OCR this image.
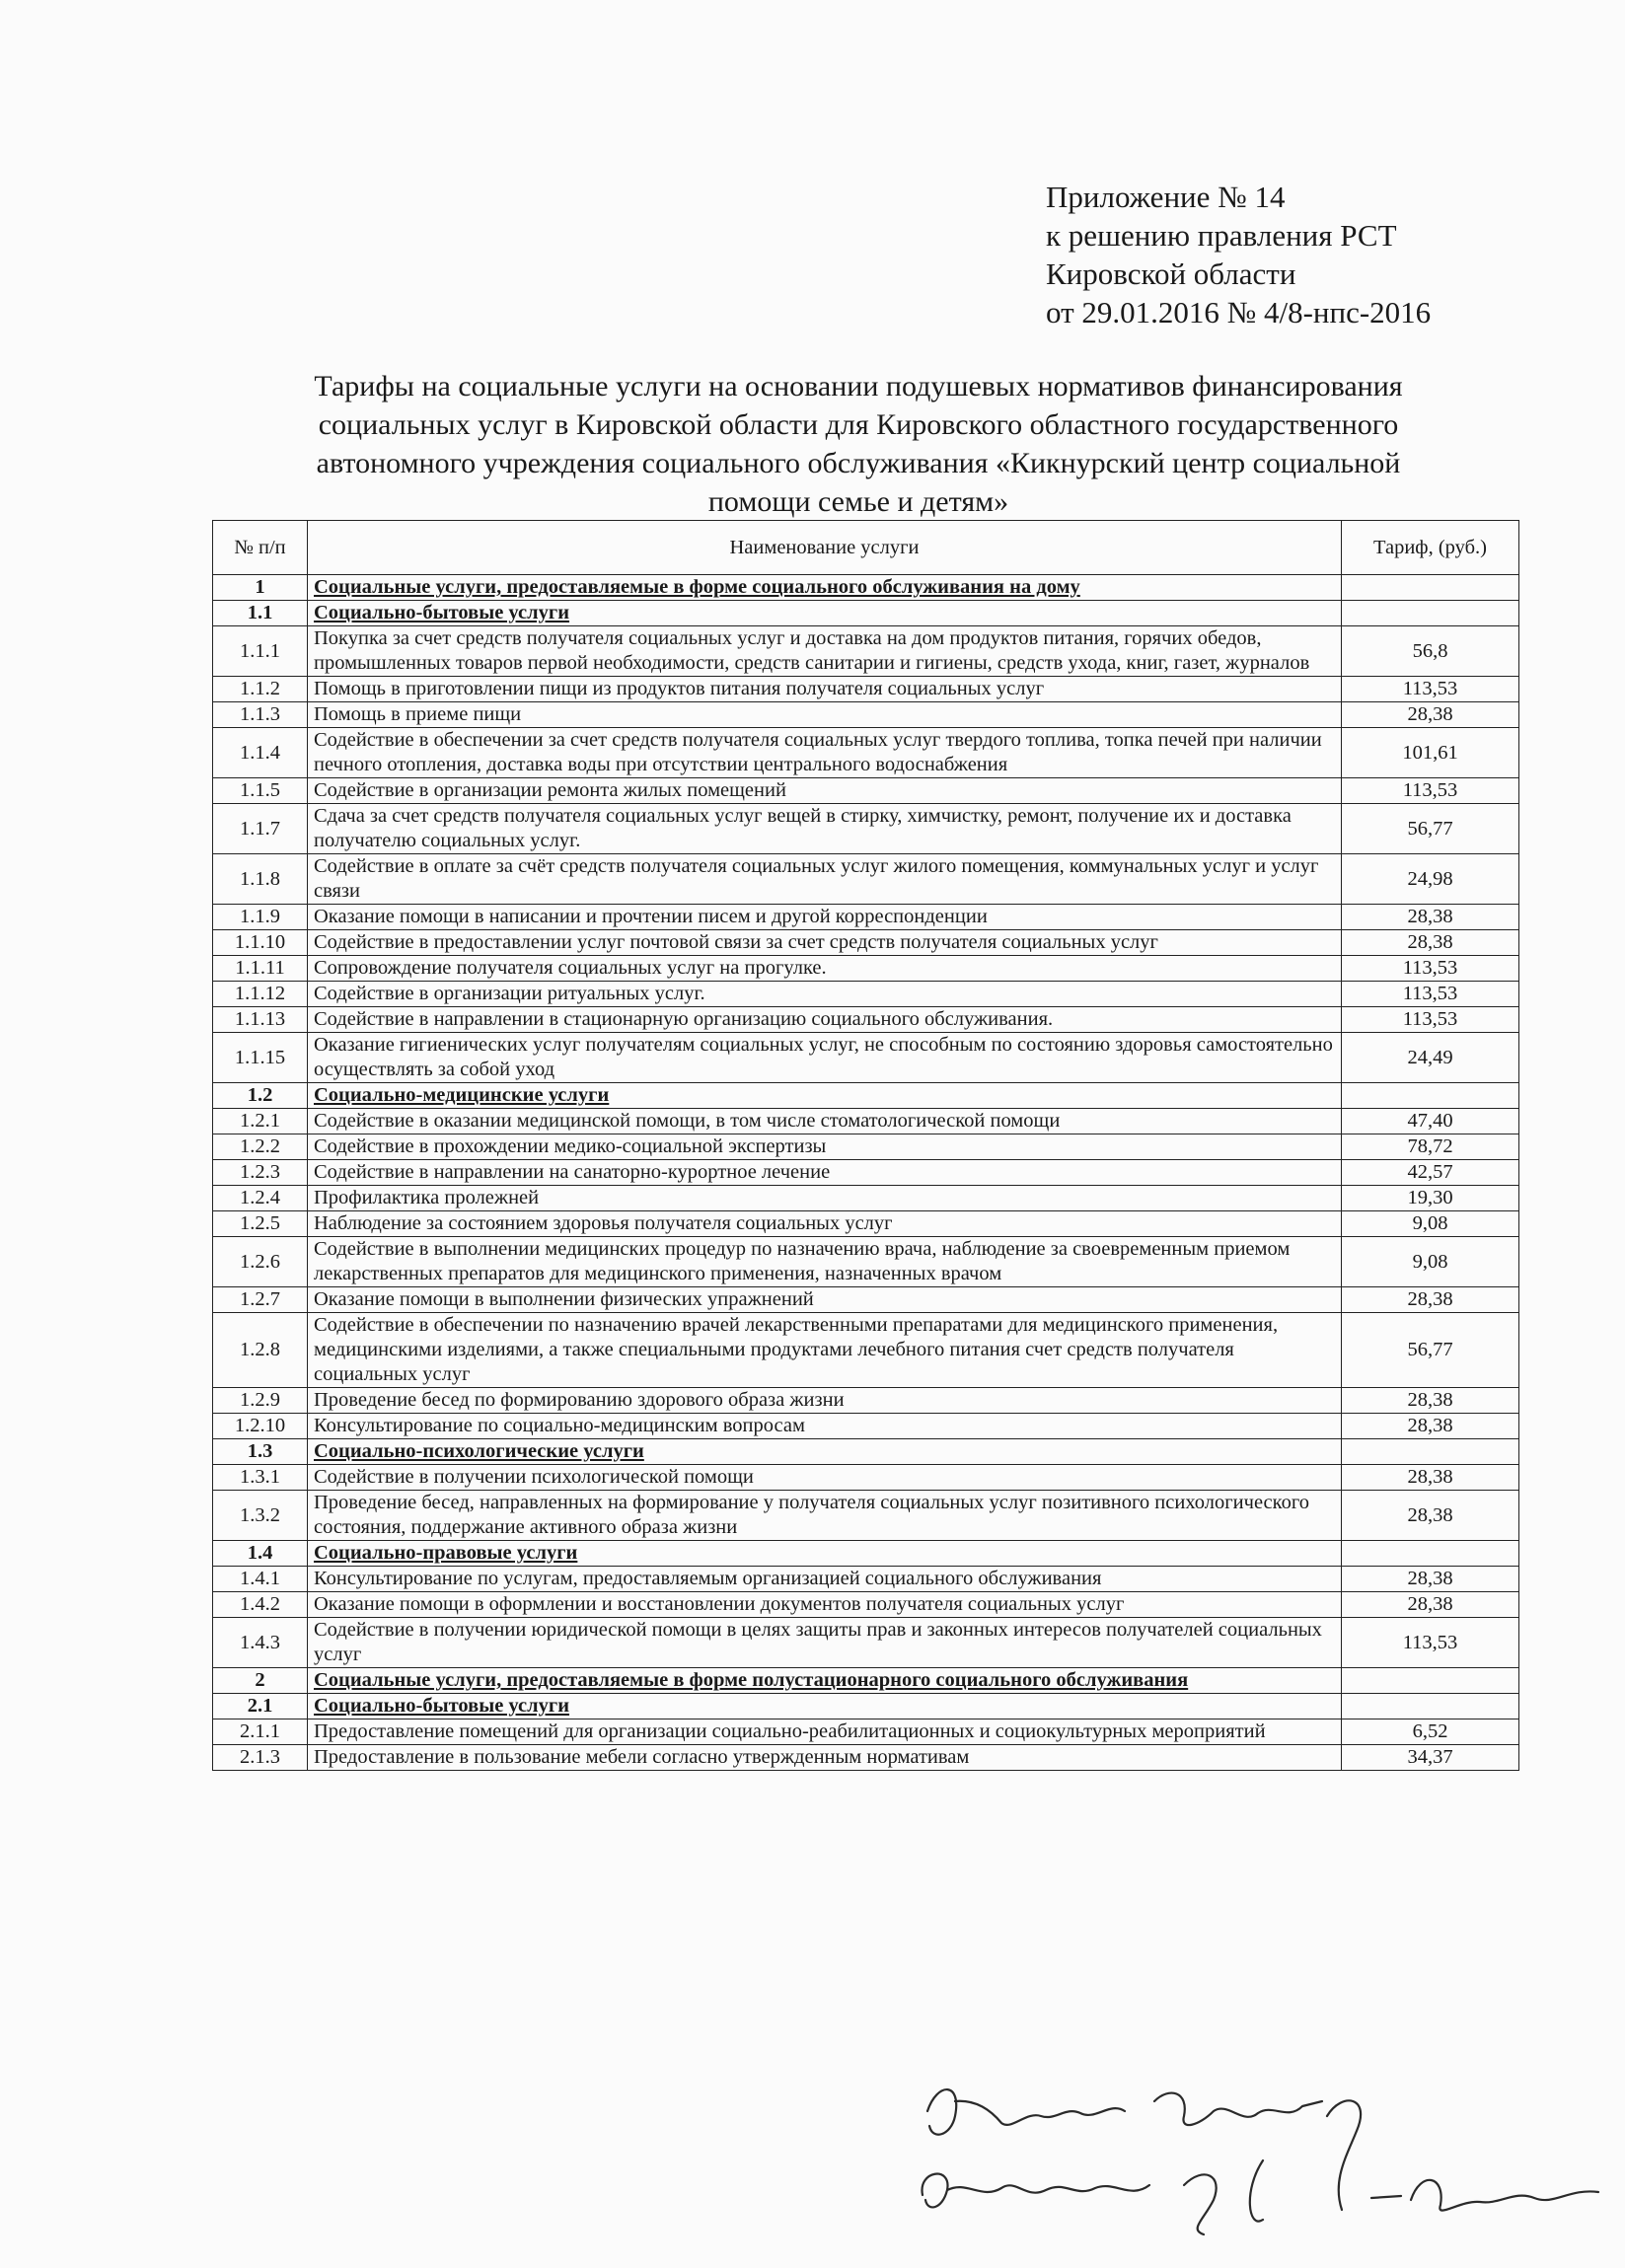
Приложение № 14
к решению правления РСТ
Кировской области
от 29.01.2016 № 4/8-нпс-2016
Тарифы на социальные услуги на основании подушевых нормативов финансирования
социальных услуг в Кировской области для Кировского областного государственного
автономного учреждения социального обслуживания «Кикнурский центр социальной
помощи семье и детям»
№ п/п	Наименование услуги	Тариф, (руб.)
1	Социальные услуги, предоставляемые в форме социального обслуживания на дому	
1.1	Социально-бытовые услуги	
1.1.1	Покупка за счет средств получателя социальных услуг и доставка на дом продуктов питания, горячих обедов, промышленных товаров первой необходимости, средств санитарии и гигиены, средств ухода, книг, газет, журналов	56,8
1.1.2	Помощь в приготовлении пищи из продуктов питания получателя социальных услуг	113,53
1.1.3	Помощь в приеме пищи	28,38
1.1.4	Содействие в обеспечении за счет средств получателя социальных услуг твердого топлива, топка печей при наличии печного отопления, доставка воды при отсутствии центрального водоснабжения	101,61
1.1.5	Содействие в организации ремонта жилых помещений	113,53
1.1.7	Сдача за счет средств получателя социальных услуг вещей в стирку, химчистку, ремонт, получение их и доставка получателю социальных услуг.	56,77
1.1.8	Содействие в оплате за счёт средств получателя социальных услуг жилого помещения, коммунальных услуг и услуг связи	24,98
1.1.9	Оказание помощи в написании и прочтении писем и другой корреспонденции	28,38
1.1.10	Содействие в предоставлении услуг почтовой связи за счет средств получателя социальных услуг	28,38
1.1.11	Сопровождение получателя социальных услуг на прогулке.	113,53
1.1.12	Содействие в организации ритуальных услуг.	113,53
1.1.13	Содействие в направлении в стационарную организацию социального обслуживания.	113,53
1.1.15	Оказание гигиенических услуг получателям социальных услуг, не способным по состоянию здоровья самостоятельно осуществлять за собой уход	24,49
1.2	Социально-медицинские услуги	
1.2.1	Содействие в оказании медицинской помощи, в том числе стоматологической помощи	47,40
1.2.2	Содействие в прохождении медико-социальной экспертизы	78,72
1.2.3	Содействие в направлении на санаторно-курортное лечение	42,57
1.2.4	Профилактика пролежней	19,30
1.2.5	Наблюдение за состоянием здоровья получателя социальных услуг	9,08
1.2.6	Содействие в выполнении медицинских процедур по назначению врача, наблюдение за своевременным приемом лекарственных препаратов для медицинского применения, назначенных врачом	9,08
1.2.7	Оказание помощи в выполнении физических упражнений	28,38
1.2.8	Содействие в обеспечении по назначению врачей лекарственными препаратами для медицинского применения, медицинскими изделиями, а также специальными продуктами лечебного питания счет средств получателя социальных услуг	56,77
1.2.9	Проведение бесед по формированию здорового образа жизни	28,38
1.2.10	Консультирование по социально-медицинским вопросам	28,38
1.3	Социально-психологические услуги	
1.3.1	Содействие в получении психологической помощи	28,38
1.3.2	Проведение бесед, направленных на формирование у получателя социальных услуг позитивного психологического состояния, поддержание активного образа жизни	28,38
1.4	Социально-правовые услуги	
1.4.1	Консультирование по услугам, предоставляемым организацией социального обслуживания	28,38
1.4.2	Оказание помощи в оформлении и восстановлении документов получателя социальных услуг	28,38
1.4.3	Содействие в получении юридической помощи в целях защиты прав и законных интересов получателей социальных услуг	113,53
2	Социальные услуги, предоставляемые в форме полустационарного социального обслуживания	
2.1	Социально-бытовые услуги	
2.1.1	Предоставление помещений для организации социально-реабилитационных и социокультурных мероприятий	6,52
2.1.3	Предоставление в пользование мебели согласно утвержденным нормативам	34,37
